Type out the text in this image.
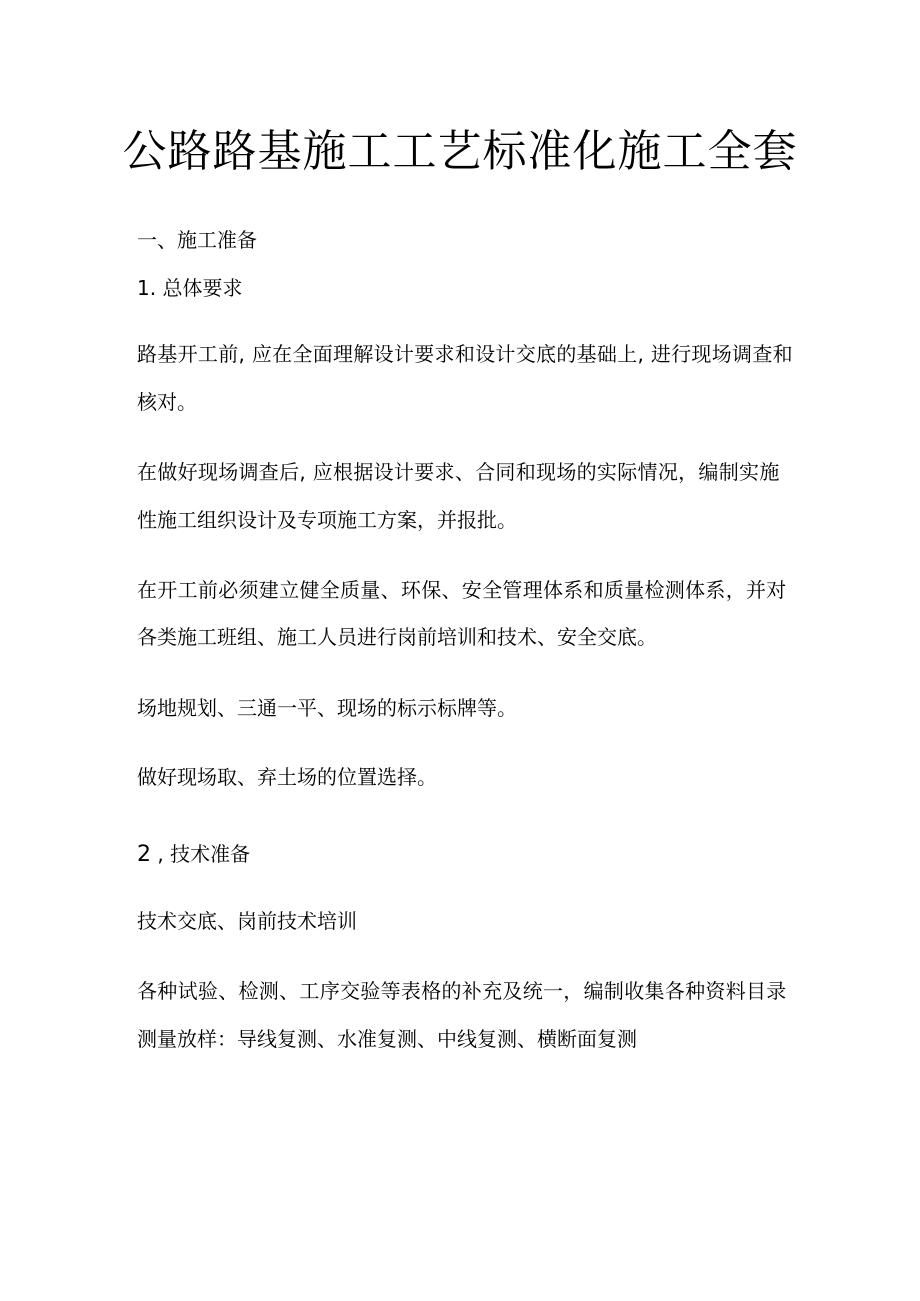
公路路基施工工艺标准化施工全套
一、施工准备
1. 总体要求
路基开工前, 应在全面理解设计要求和设计交底的基础上, 进行现场调查和
核对。
在做好现场调查后, 应根据设计要求、合同和现场的实际情况，编制实施
性施工组织设计及专项施工方案，并报批。
在开工前必须建立健全质量、环保、安全管理体系和质量检测体系，并对
各类施工班组、施工人员进行岗前培训和技术、安全交底。
场地规划、三通一平、现场的标示标牌等。
做好现场取、弃土场的位置选择。
2 , 技术准备
技术交底、岗前技术培训
各种试验、检测、工序交验等表格的补充及统一，编制收集各种资料目录
测量放样：导线复测、水准复测、中线复测、横断面复测
